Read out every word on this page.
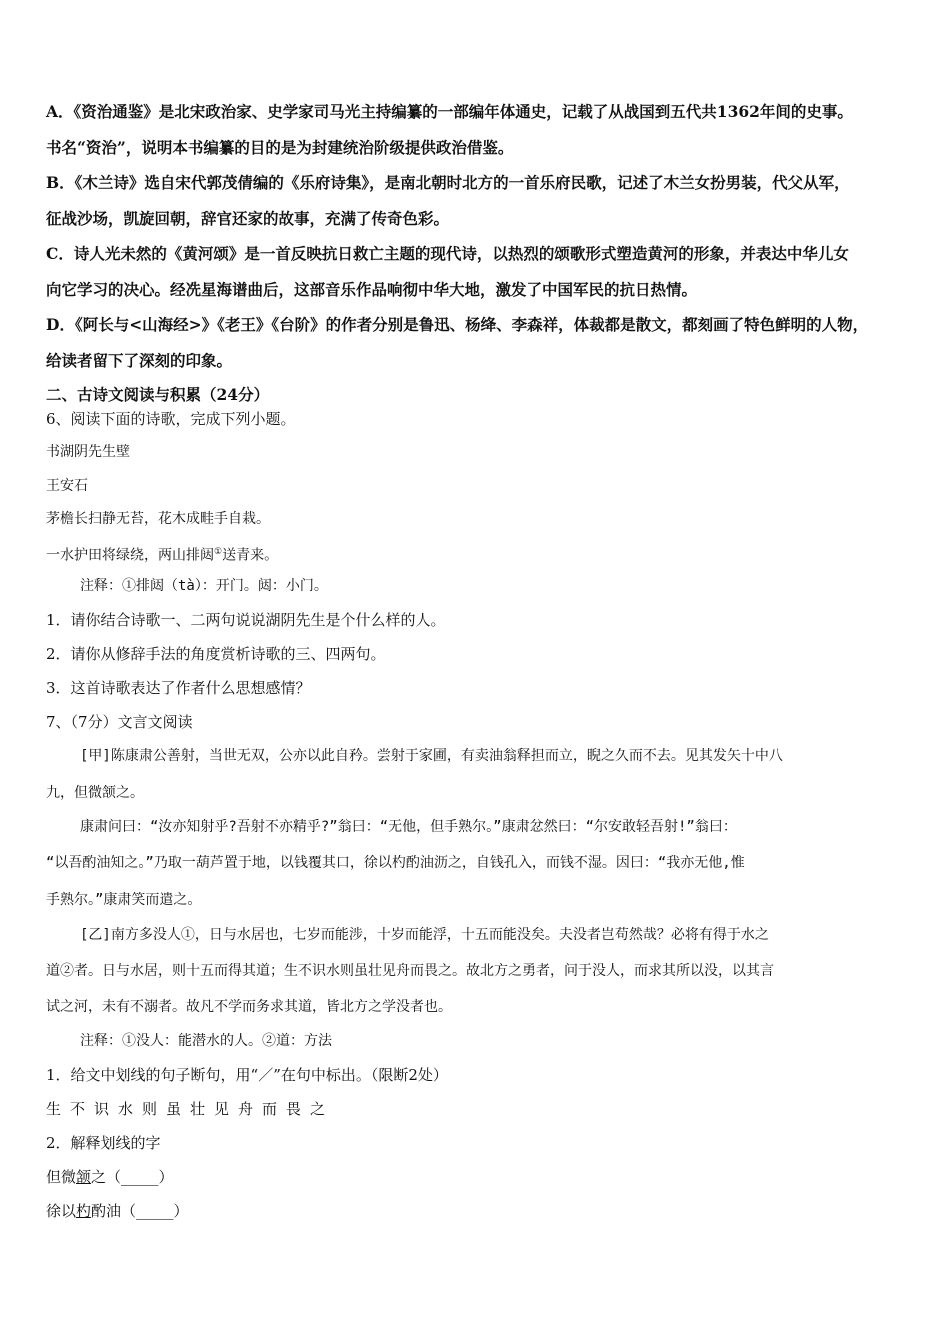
A．《资治通鉴》是北宋政治家、史学家司马光主持编纂的一部编年体通史，记载了从战国到五代共1362年间的史事。
书名“资治”，说明本书编纂的目的是为封建统治阶级提供政治借鉴。
B．《木兰诗》选自宋代郭茂倩编的《乐府诗集》，是南北朝时北方的一首乐府民歌，记述了木兰女扮男装，代父从军，
征战沙场，凯旋回朝，辞官还家的故事，充满了传奇色彩。
C．诗人光未然的《黄河颂》是一首反映抗日救亡主题的现代诗，以热烈的颂歌形式塑造黄河的形象，并表达中华儿女
向它学习的决心。经冼星海谱曲后，这部音乐作品响彻中华大地，激发了中国军民的抗日热情。
D．《阿长与<山海经>》《老王》《台阶》的作者分别是鲁迅、杨绛、李森祥，体裁都是散文，都刻画了特色鲜明的人物，
给读者留下了深刻的印象。
二、古诗文阅读与积累（24分）
6、阅读下面的诗歌，完成下列小题。
书湖阴先生壁
王安石
茅檐长扫静无苔，花木成畦手自栽。
一水护田将绿绕，两山排闼①送青来。
注释：①排闼（tà）：开门。闼：小门。
1．请你结合诗歌一、二两句说说湖阴先生是个什么样的人。
2．请你从修辞手法的角度赏析诗歌的三、四两句。
3．这首诗歌表达了作者什么思想感情？
7、（7分）文言文阅读
[甲]陈康肃公善射，当世无双，公亦以此自矜。尝射于家圃，有卖油翁释担而立，睨之久而不去。见其发矢十中八
九，但微颔之。
康肃问曰：“汝亦知射乎?吾射不亦精乎?”翁曰：“无他，但手熟尔。”康肃忿然曰：“尔安敢轻吾射!”翁曰：
“以吾酌油知之。”乃取一葫芦置于地，以钱覆其口，徐以杓酌油沥之，自钱孔入，而钱不湿。因曰：“我亦无他,惟
手熟尔。”康肃笑而遣之。
[乙]南方多没人①，日与水居也，七岁而能涉，十岁而能浮，十五而能没矣。夫没者岂苟然哉？必将有得于水之
道②者。日与水居，则十五而得其道；生不识水则虽壮见舟而畏之。故北方之勇者，问于没人，而求其所以没，以其言
试之河，未有不溺者。故凡不学而务求其道，皆北方之学没者也。
注释：①没人：能潜水的人。②道：方法
1．给文中划线的句子断句，用“／”在句中标出。（限断2处）
生不识水则虽壮见舟而畏之
2．解释划线的字
但微颔之（_____）
徐以杓酌油（_____）
